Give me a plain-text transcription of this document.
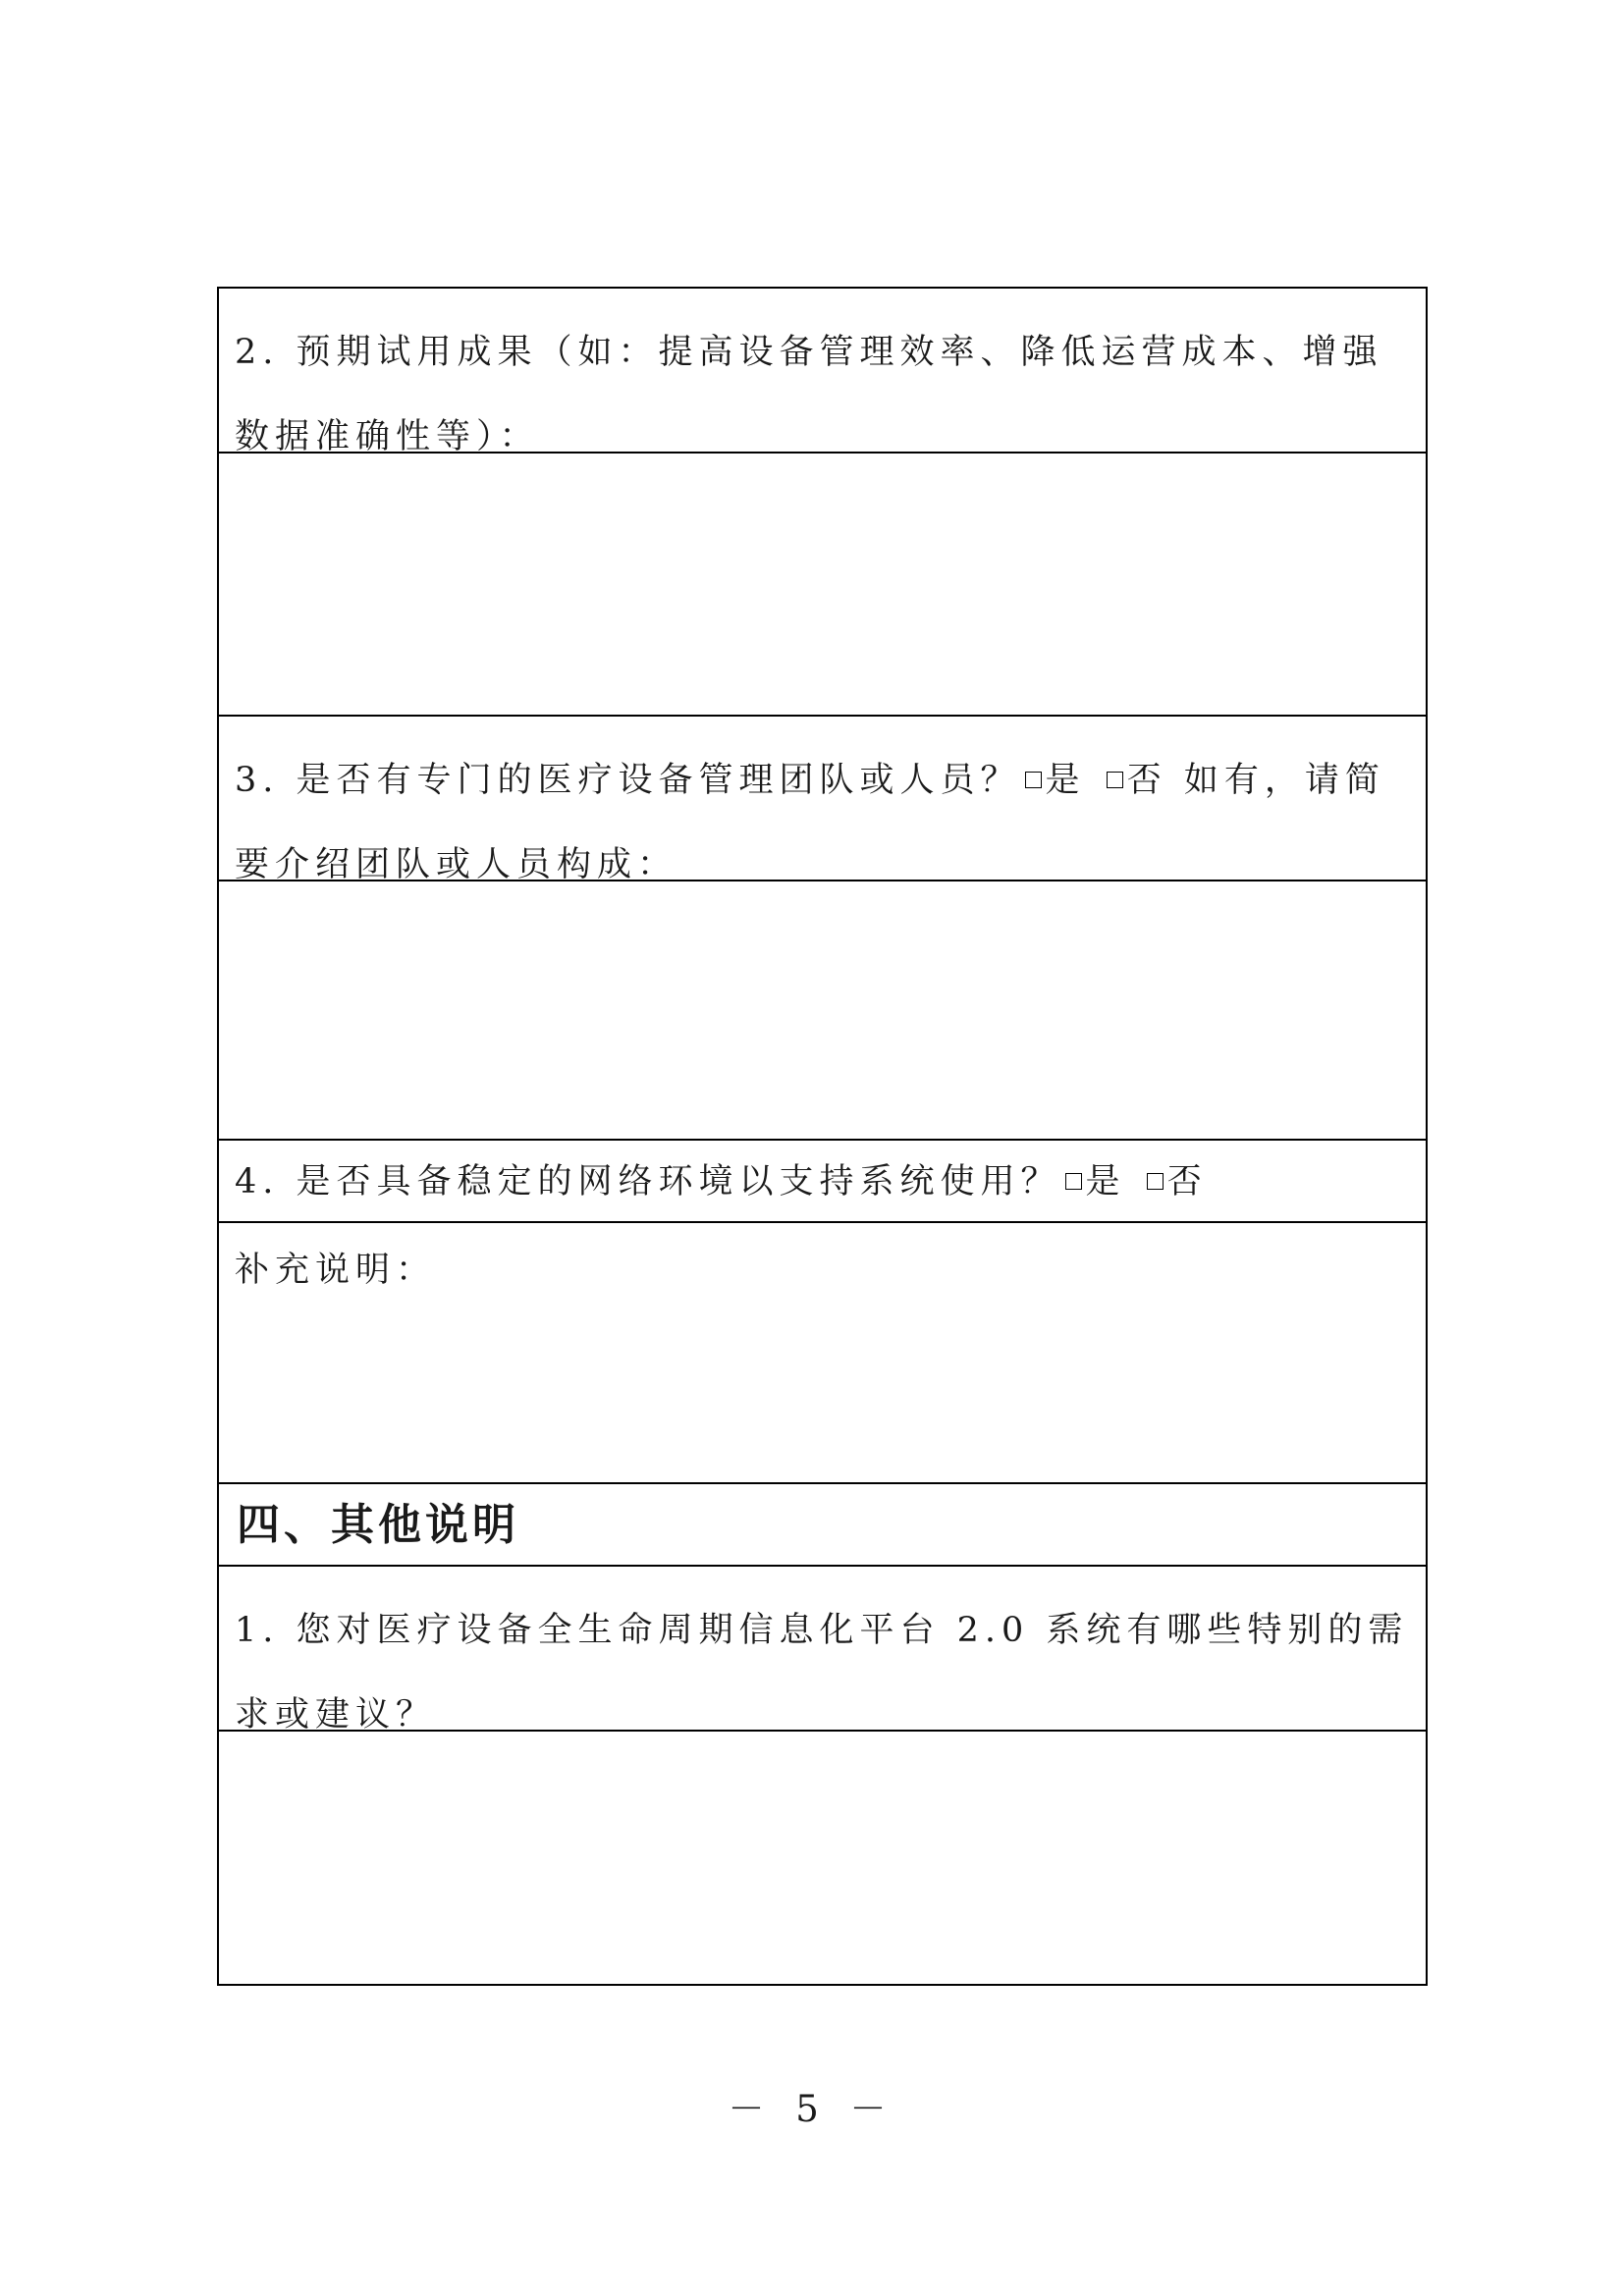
2. 预期试用成果（如：提高设备管理效率、降低运营成本、增强数据准确性等）：
3. 是否有专门的医疗设备管理团队或人员？ 是 否 如有，请简要介绍团队或人员构成：
4. 是否具备稳定的网络环境以支持系统使用？ 是 否
补充说明：
四、其他说明
1. 您对医疗设备全生命周期信息化平台 2.0 系统有哪些特别的需求或建议？
－ 5 －
